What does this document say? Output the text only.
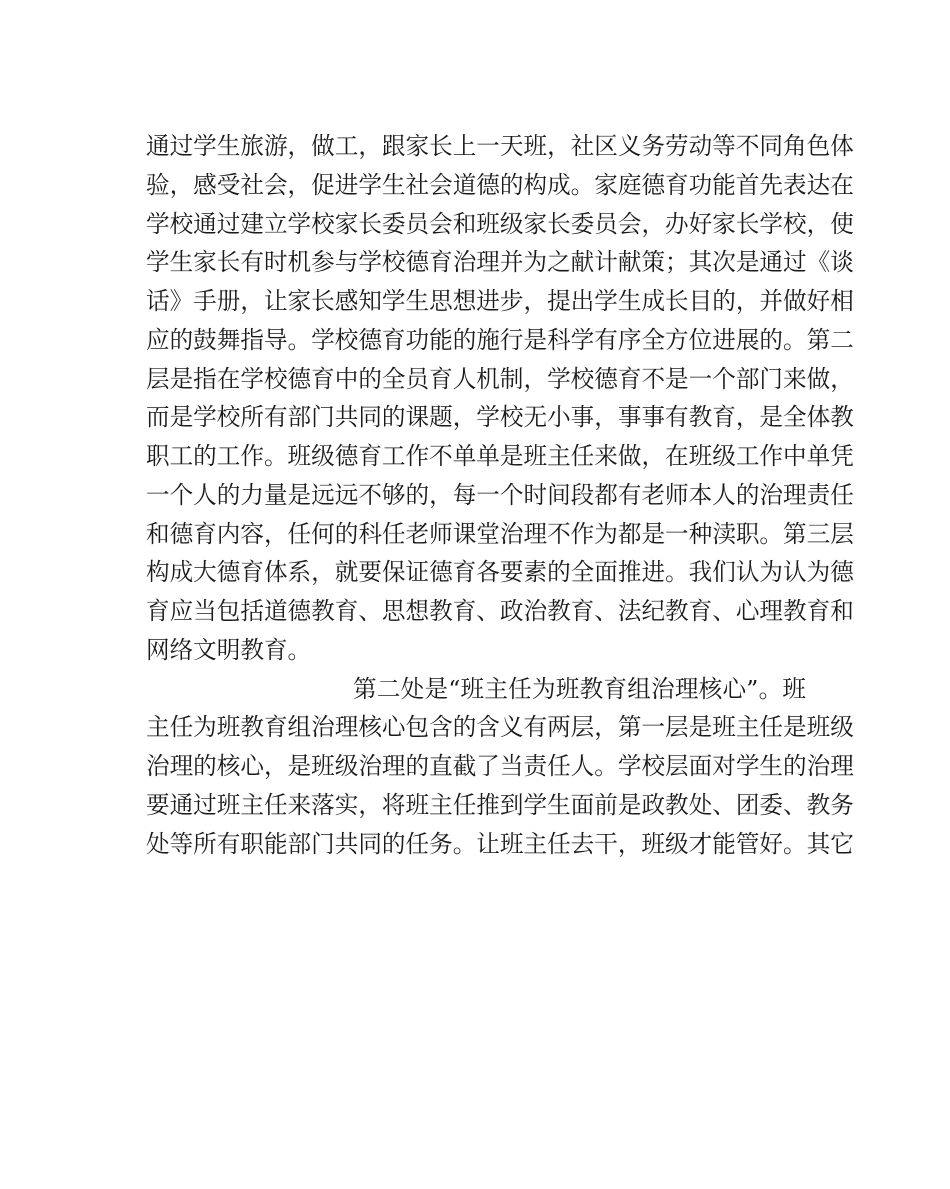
通过学生旅游，做工，跟家长上一天班，社区义务劳动等不同角色体
验，感受社会，促进学生社会道德的构成。家庭德育功能首先表达在
学校通过建立学校家长委员会和班级家长委员会，办好家长学校，使
学生家长有时机参与学校德育治理并为之献计献策；其次是通过《谈
话》手册，让家长感知学生思想进步，提出学生成长目的，并做好相
应的鼓舞指导。学校德育功能的施行是科学有序全方位进展的。第二
层是指在学校德育中的全员育人机制，学校德育不是一个部门来做，
而是学校所有部门共同的课题，学校无小事，事事有教育，是全体教
职工的工作。班级德育工作不单单是班主任来做，在班级工作中单凭
一个人的力量是远远不够的，每一个时间段都有老师本人的治理责任
和德育内容，任何的科任老师课堂治理不作为都是一种渎职。第三层
构成大德育体系，就要保证德育各要素的全面推进。我们认为认为德
育应当包括道德教育、思想教育、政治教育、法纪教育、心理教育和
网络文明教育。
第二处是“班主任为班教育组治理核心”。班
主任为班教育组治理核心包含的含义有两层，第一层是班主任是班级
治理的核心，是班级治理的直截了当责任人。学校层面对学生的治理
要通过班主任来落实，将班主任推到学生面前是政教处、团委、教务
处等所有职能部门共同的任务。让班主任去干，班级才能管好。其它
